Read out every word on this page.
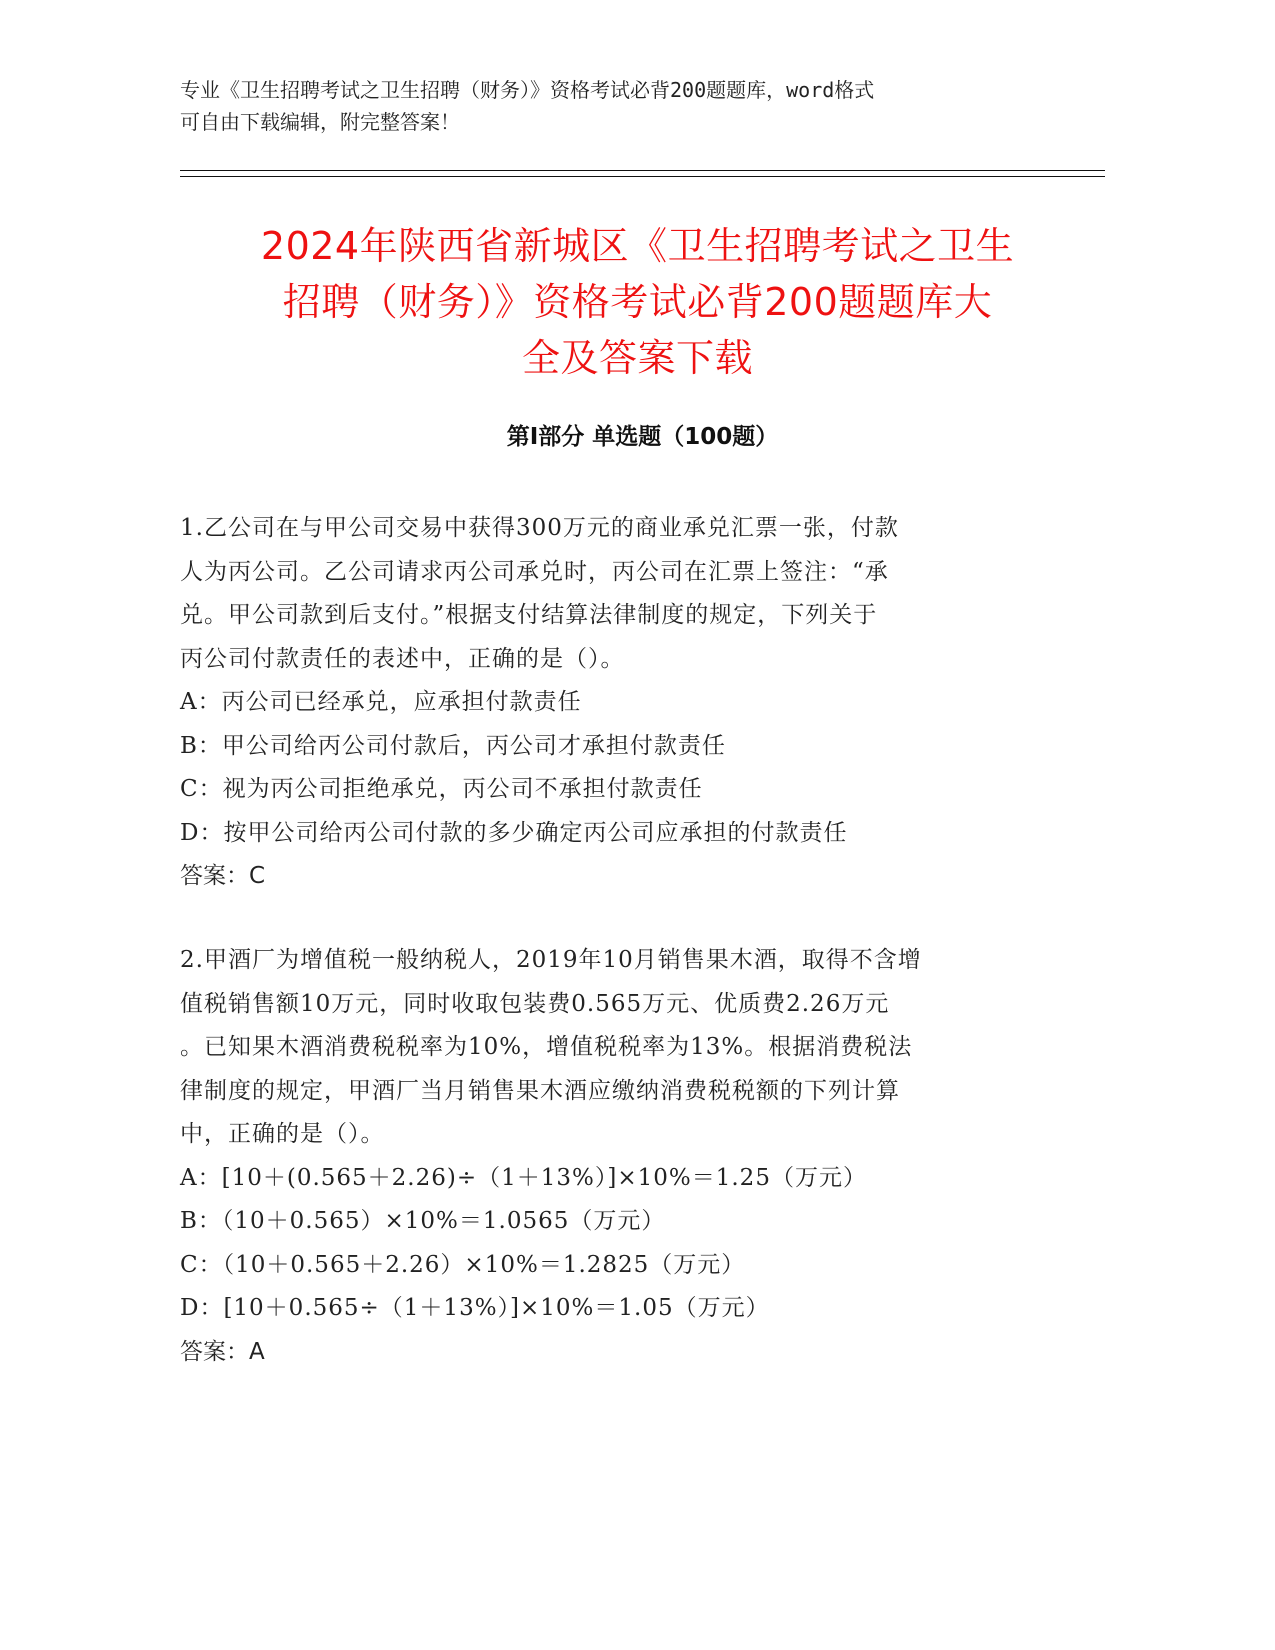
专业《卫生招聘考试之卫生招聘（财务）》资格考试必背200题题库，word格式
可自由下载编辑，附完整答案！
2024年陕西省新城区《卫生招聘考试之卫生
招聘（财务）》资格考试必背200题题库大
全及答案下载
第Ⅰ部分 单选题（100题）
1.乙公司在与甲公司交易中获得300万元的商业承兑汇票一张，付款
人为丙公司。乙公司请求丙公司承兑时，丙公司在汇票上签注：“承
兑。甲公司款到后支付。”根据支付结算法律制度的规定，下列关于
丙公司付款责任的表述中，正确的是（）。
A：丙公司已经承兑，应承担付款责任
B：甲公司给丙公司付款后，丙公司才承担付款责任
C：视为丙公司拒绝承兑，丙公司不承担付款责任
D：按甲公司给丙公司付款的多少确定丙公司应承担的付款责任
答案：C
2.甲酒厂为增值税一般纳税人，2019年10月销售果木酒，取得不含增
值税销售额10万元，同时收取包装费0.565万元、优质费2.26万元
。已知果木酒消费税税率为10%，增值税税率为13%。根据消费税法
律制度的规定，甲酒厂当月销售果木酒应缴纳消费税税额的下列计算
中，正确的是（）。
A：[10＋(0.565＋2.26)÷（1＋13%）]×10%＝1.25（万元）
B：（10＋0.565）×10%＝1.0565（万元）
C：（10＋0.565＋2.26）×10%＝1.2825（万元）
D：[10＋0.565÷（1＋13%）]×10%＝1.05（万元）
答案：A
